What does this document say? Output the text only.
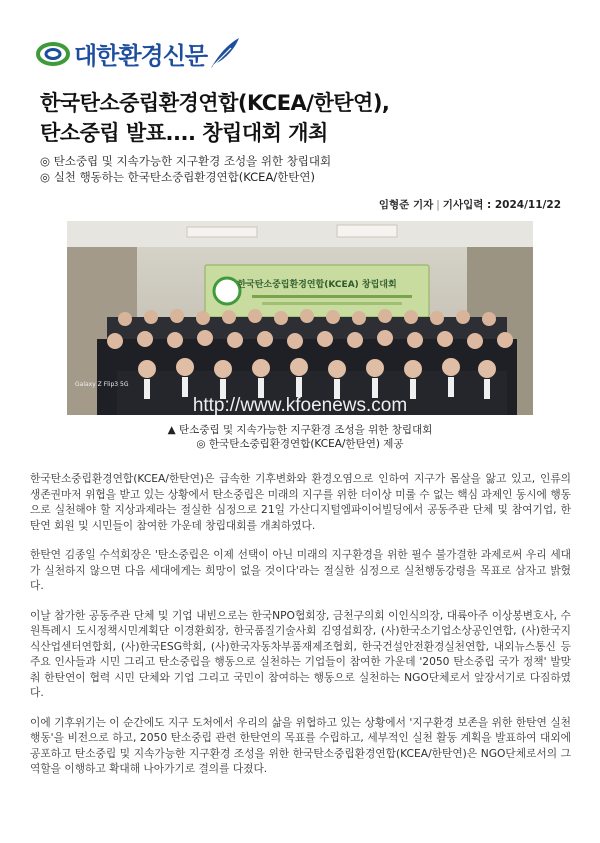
대한환경신문
한국탄소중립환경연합(KCEA/한탄연),
탄소중립 발표.... 창립대회 개최
◎ 탄소중립 및 지속가능한 지구환경 조성을 위한 창립대회
◎ 실천 행동하는 한국탄소중립환경연합(KCEA/한탄연)
임형준 기자 | 기사입력 : 2024/11/22
한국탄소중립환경연합(KCEA) 창립대회
Galaxy Z Flip3 5G
http://www.kfoenews.com
▲ 탄소중립 및 지속가능한 지구환경 조성을 위한 창립대회
◎ 한국탄소중립환경연합(KCEA/한탄연) 제공

한국탄소중립환경연합(KCEA/한탄연)은 급속한 기후변화와 환경오염으로 인하여 지구가 몸살을 앓고 있고, 인류의 생존권마저 위협을 받고 있는 상황에서 탄소중립은 미래의 지구를 위한 더이상 미룰 수 없는 핵심 과제인 동시에 행동으로 실천해야 할 지상과제라는 절실한 심정으로 21일 가산디지털엠파이어빌딩에서 공동주관 단체 및 참여기업, 한탄연 회원 및 시민들이 참여한 가운데 창립대회를 개최하였다.

한탄연 김종일 수석회장은 '탄소중립은 이제 선택이 아닌 미래의 지구환경을 위한 필수 불가결한 과제로써 우리 세대가 실천하지 않으면 다음 세대에게는 희망이 없을 것이다'라는 절실한 심정으로 실천행동강령을 목표로 삼자고 밝혔다.

이날 참가한 공동주관 단체 및 기업 내빈으로는 한국NPO협회장, 금천구의회 이인식의장, 대륙아주 이상봉변호사, 수원특례시 도시정책시민계획단 이경환회장, 한국품질기술사회 김영섭회장, (사)한국소기업소상공인연합, (사)한국지식산업센터연합회, (사)한국ESG학회, (사)한국자동차부품재제조협회, 한국건설안전환경실천연합, 내외뉴스통신 등 주요 인사들과 시민 그리고 탄소중립을 행동으로 실천하는 기업들이 참여한 가운데 '2050 탄소중립 국가 정책' 발맞춰 한탄연이 협력 시민 단체와 기업 그리고 국민이 참여하는 행동으로 실천하는 NGO단체로서 앞장서기로 다짐하였다.

이에 기후위기는 이 순간에도 지구 도처에서 우리의 삶을 위협하고 있는 상황에서 '지구환경 보존을 위한 한탄연 실천 행동'을 비전으로 하고, 2050 탄소중립 관련 한탄연의 목표를 수립하고, 세부적인 실천 활동 계획을 발표하여 대외에 공포하고 탄소중립 및 지속가능한 지구환경 조성을 위한 한국탄소중립환경연합(KCEA/한탄연)은 NGO단체로서의 그 역할을 이행하고 확대해 나아가기로 결의를 다졌다.
